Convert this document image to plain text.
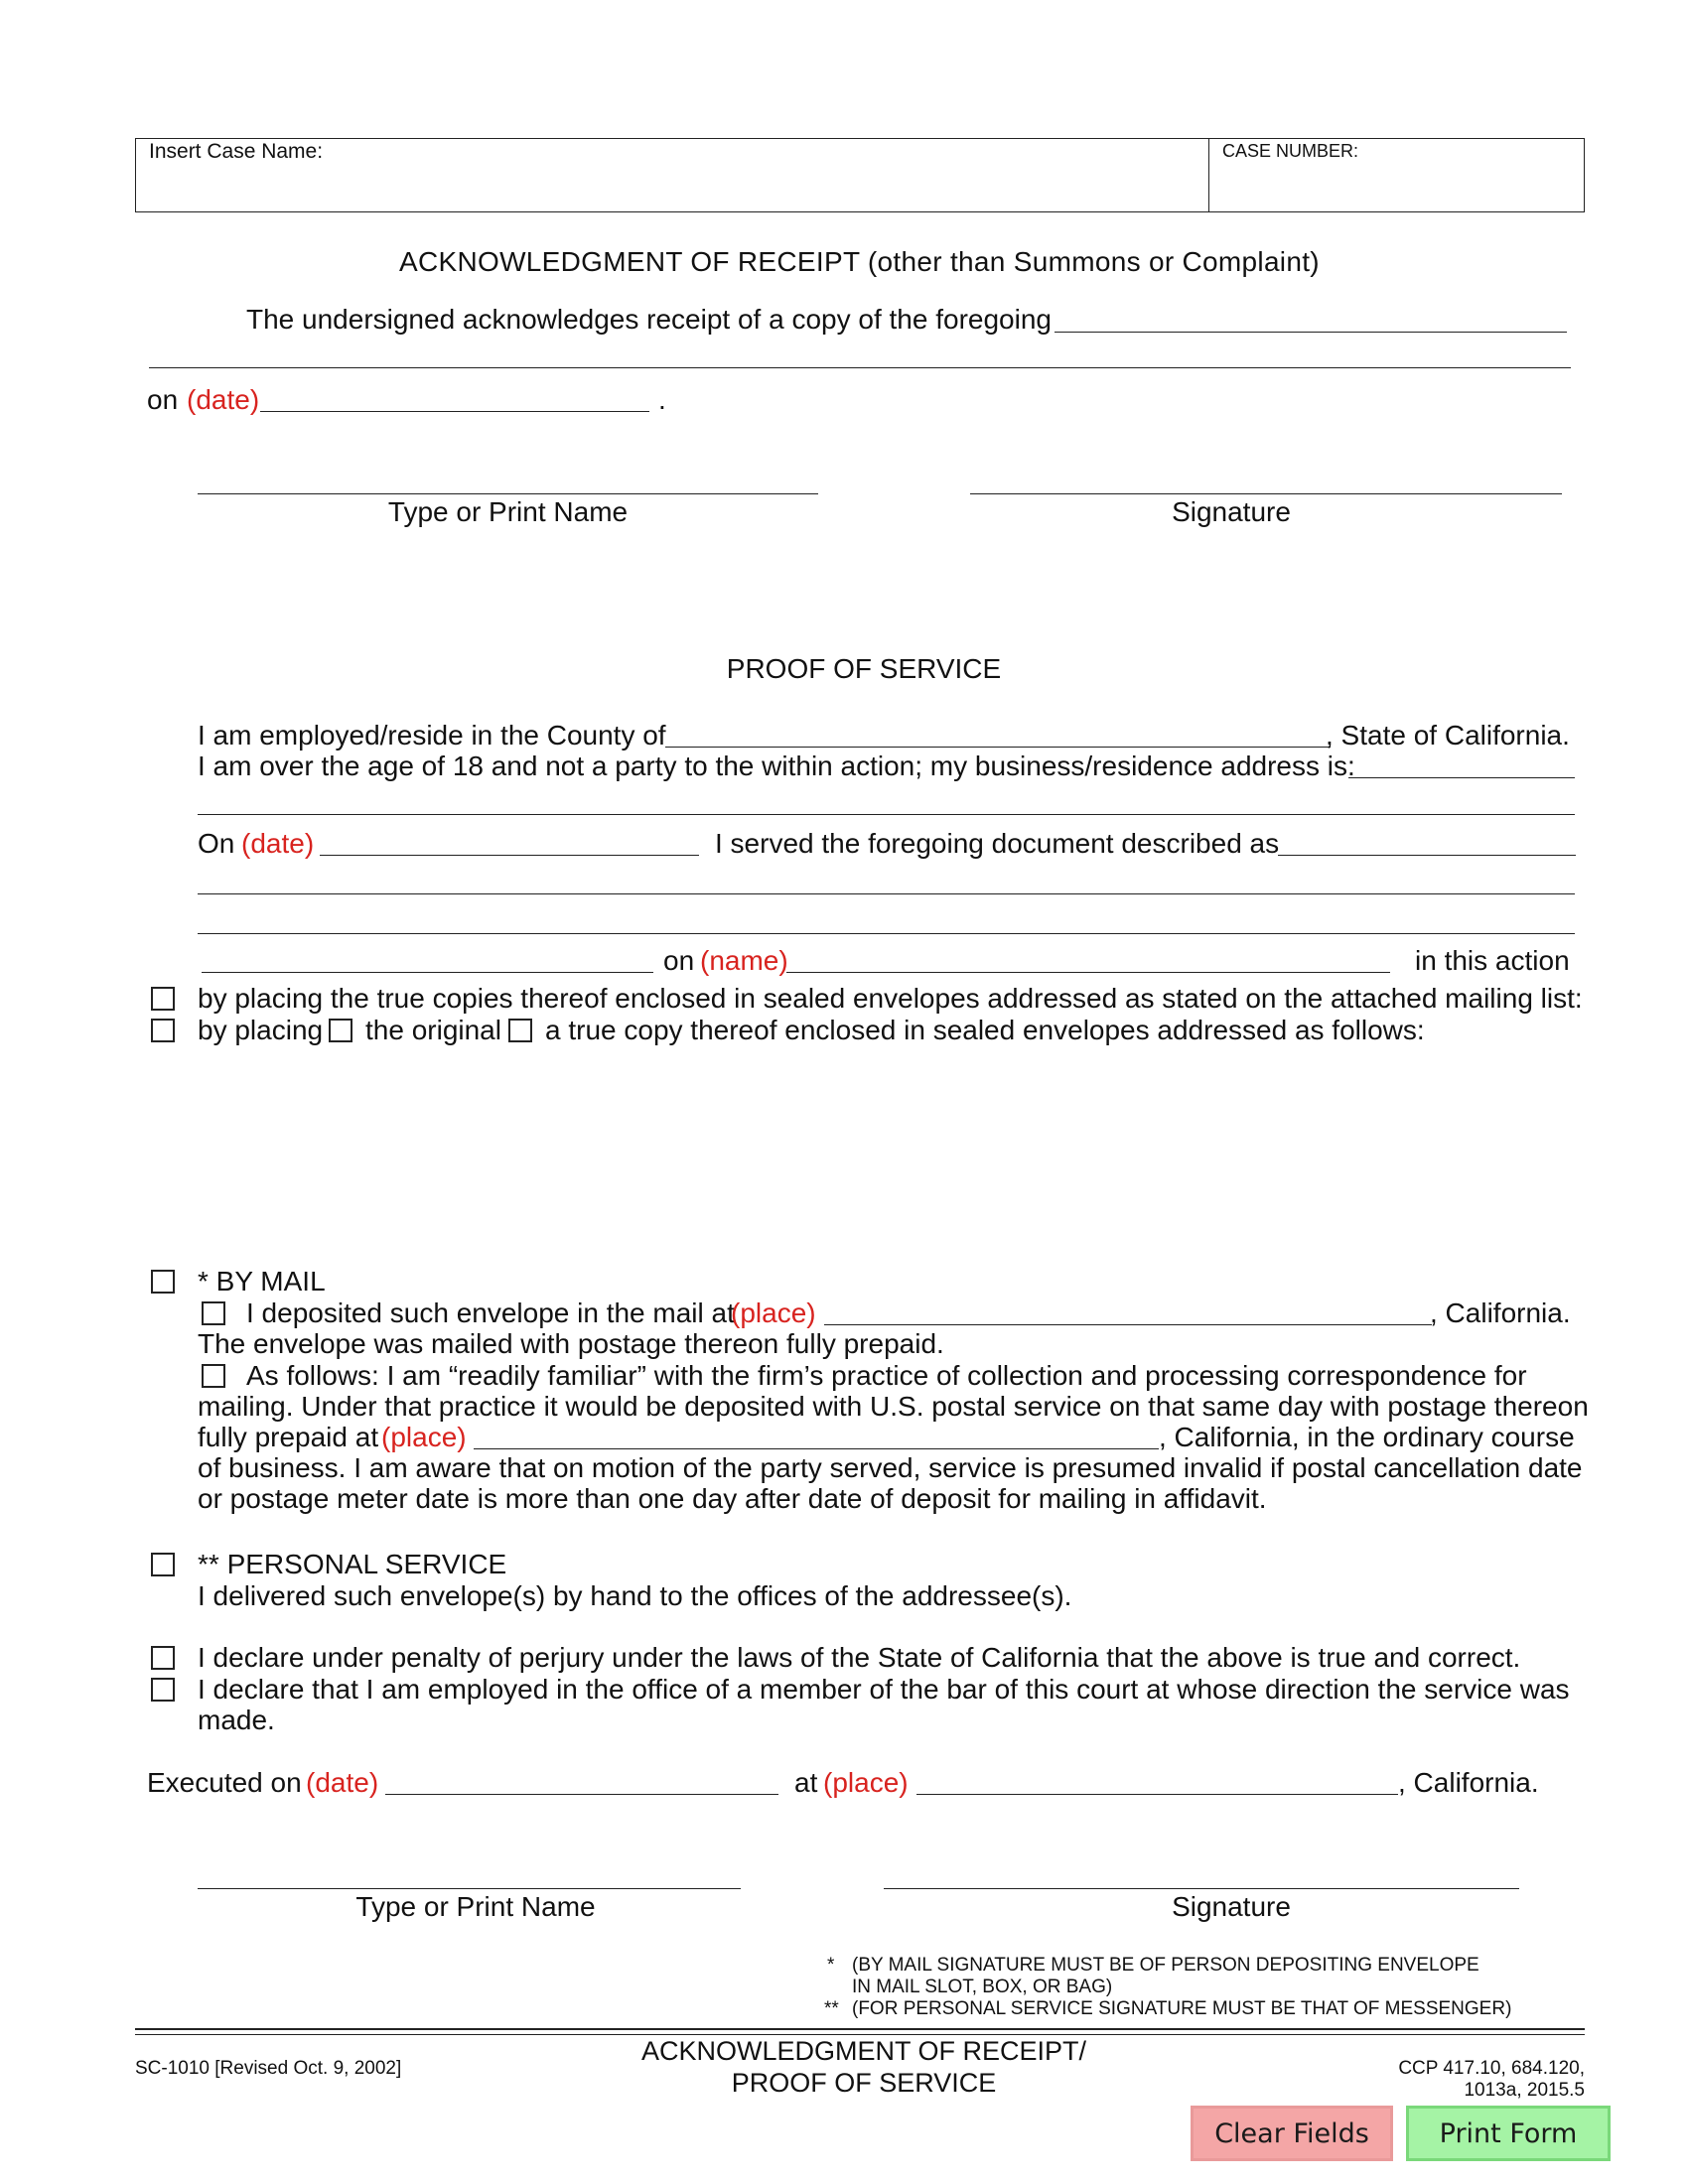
Insert Case Name:	CASE NUMBER:
ACKNOWLEDGMENT OF RECEIPT (other than Summons or Complaint)
The undersigned acknowledges receipt of a copy of the foregoing
on (date)	.
Type or Print Name	Signature
PROOF OF SERVICE
I am employed/reside in the County of	, State of California.
I am over the age of 18 and not a party to the within action; my business/residence address is:
On (date)	I served the foregoing document described as
on (name)	in this action
by placing the true copies thereof enclosed in sealed envelopes addressed as stated on the attached mailing list:
by placing the original a true copy thereof enclosed in sealed envelopes addressed as follows:
* BY MAIL
I deposited such envelope in the mail at
(place)	, California.
The envelope was mailed with postage thereon fully prepaid.
As follows: I am “readily familiar” with the firm’s practice of collection and processing correspondence for
mailing. Under that practice it would be deposited with U.S. postal service on that same day with postage thereon
fully prepaid at (place)	, California, in the ordinary course
of business. I am aware that on motion of the party served, service is presumed invalid if postal cancellation date
or postage meter date is more than one day after date of deposit for mailing in affidavit.
** PERSONAL SERVICE
I delivered such envelope(s) by hand to the offices of the addressee(s).
I declare under penalty of perjury under the laws of the State of California that the above is true and correct.
I declare that I am employed in the office of a member of the bar of this court at whose direction the service was
made.
Executed on (date)	at (place)	, California.
Type or Print Name	Signature
* (BY MAIL SIGNATURE MUST BE OF PERSON DEPOSITING ENVELOPE
IN MAIL SLOT, BOX, OR BAG)
** (FOR PERSONAL SERVICE SIGNATURE MUST BE THAT OF MESSENGER)
SC-1010 [Revised Oct. 9, 2002]
ACKNOWLEDGMENT OF RECEIPT/
PROOF OF SERVICE	CCP 417.10, 684.120,
1013a, 2015.5
Clear Fields	Print Form
